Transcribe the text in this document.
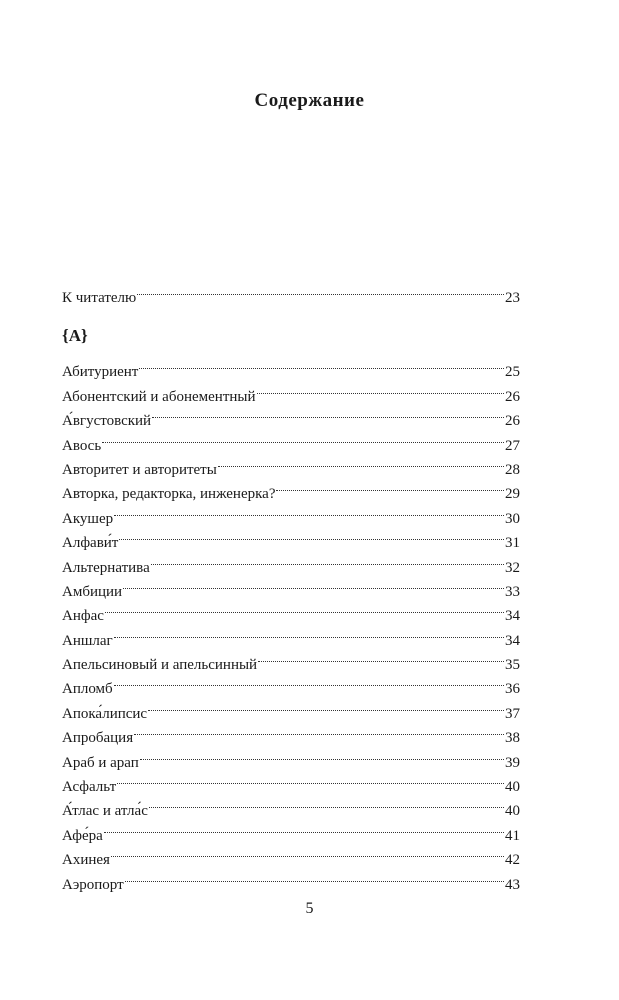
Содержание
К читателю	23
{A}
Абитуриент	25
Абонентский и абонементный	26
А́вгустовский	26
Авось	27
Авторитет и авторитеты	28
Авторка, редакторка, инженерка?	29
Акушер	30
Алфави́т	31
Альтернатива	32
Амбиции	33
Анфас	34
Аншлаг	34
Апельсиновый и апельсинный	35
Апломб	36
Апока́липсис	37
Апробация	38
Араб и арап	39
Асфальт	40
А́тлас и атла́с	40
Афе́ра	41
Ахинея	42
Аэропорт	43
5
